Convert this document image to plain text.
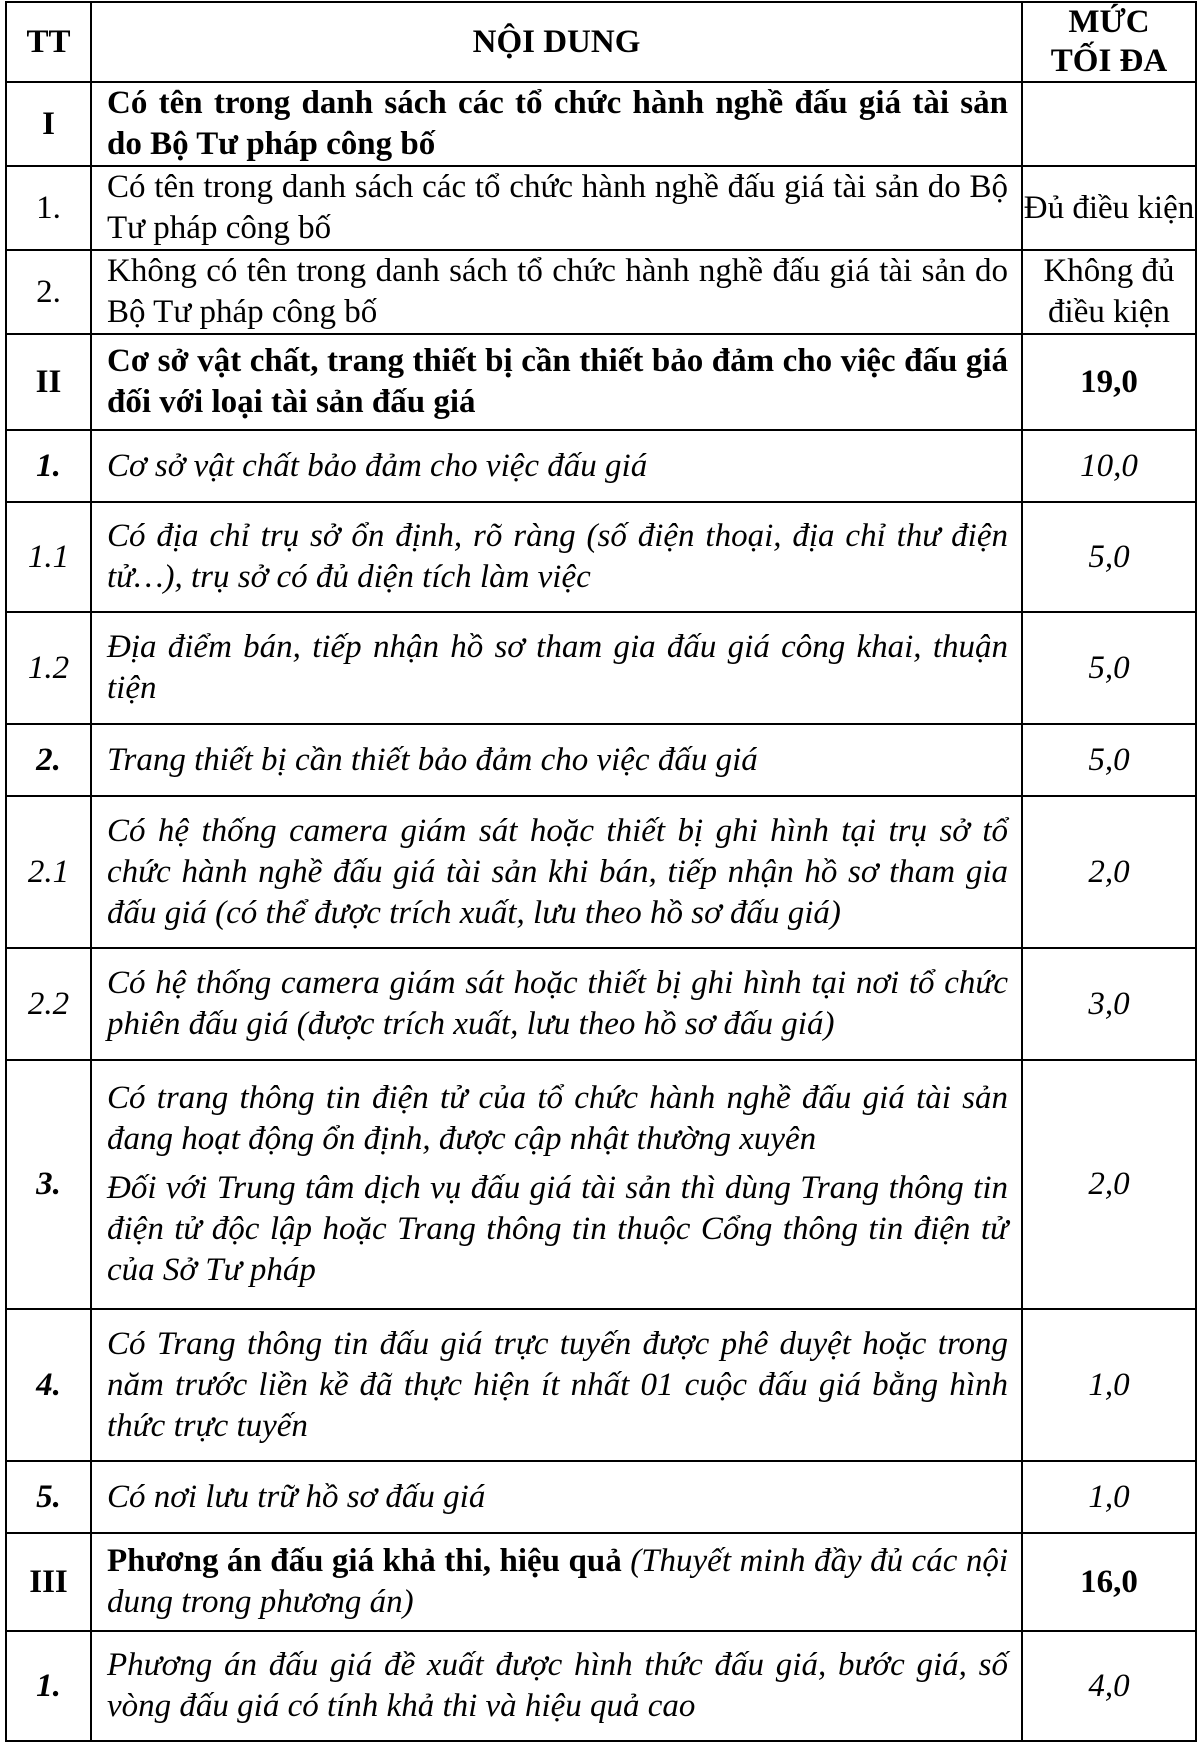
TT	NỘI DUNG	MỨC
TỐI ĐA
I	Có tên trong danh sách các tổ chức hành nghề đấu giá tài sản do Bộ Tư pháp công bố	
1.	Có tên trong danh sách các tổ chức hành nghề đấu giá tài sản do Bộ Tư pháp công bố	Đủ điều kiện
2.	Không có tên trong danh sách tổ chức hành nghề đấu giá tài sản do Bộ Tư pháp công bố	Không đủ điều kiện
II	Cơ sở vật chất, trang thiết bị cần thiết bảo đảm cho việc đấu giá đối với loại tài sản đấu giá	19,0
1.	Cơ sở vật chất bảo đảm cho việc đấu giá	10,0
1.1	Có địa chỉ trụ sở ổn định, rõ ràng (số điện thoại, địa chỉ thư điện tử…), trụ sở có đủ diện tích làm việc	5,0
1.2	Địa điểm bán, tiếp nhận hồ sơ tham gia đấu giá công khai, thuận tiện	5,0
2.	Trang thiết bị cần thiết bảo đảm cho việc đấu giá	5,0
2.1	Có hệ thống camera giám sát hoặc thiết bị ghi hình tại trụ sở tổ chức hành nghề đấu giá tài sản khi bán, tiếp nhận hồ sơ tham gia đấu giá (có thể được trích xuất, lưu theo hồ sơ đấu giá)	2,0
2.2	Có hệ thống camera giám sát hoặc thiết bị ghi hình tại nơi tổ chức phiên đấu giá (được trích xuất, lưu theo hồ sơ đấu giá)	3,0
3.	Có trang thông tin điện tử của tổ chức hành nghề đấu giá tài sản đang hoạt động ổn định, được cập nhật thường xuyên
Đối với Trung tâm dịch vụ đấu giá tài sản thì dùng Trang thông tin điện tử độc lập hoặc Trang thông tin thuộc Cổng thông tin điện tử của Sở Tư pháp	2,0
4.	Có Trang thông tin đấu giá trực tuyến được phê duyệt hoặc trong năm trước liền kề đã thực hiện ít nhất 01 cuộc đấu giá bằng hình thức trực tuyến	1,0
5.	Có nơi lưu trữ hồ sơ đấu giá	1,0
III	Phương án đấu giá khả thi, hiệu quả (Thuyết minh đầy đủ các nội dung trong phương án)	16,0
1.	Phương án đấu giá đề xuất được hình thức đấu giá, bước giá, số vòng đấu giá có tính khả thi và hiệu quả cao	4,0
